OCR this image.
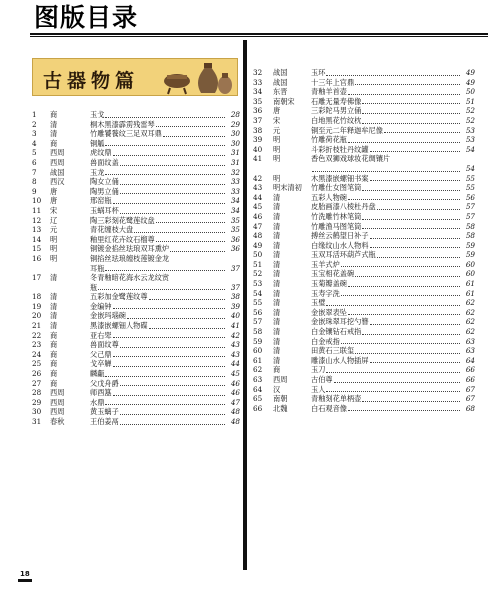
图版目录
古器物篇
1	商	玉戈	28
2	清	桐木黑漆霹雳残雷琴	29
3	清	竹雕饕餮纹三足双耳鼎	30
4	商	铜觚	30
5	西周	虎纹鼎	31
6	西周	兽面纹盖	31
7	战国	玉龙	32
8	西汉	陶女立俑	33
9	唐	陶男立俑	33
10	唐	邢窑瓶	34
11	宋	玉蜗耳杯	34
12	辽	陶三彩刻花鹭莲纹盘	35
13	元	青花缠枝大盘	35
14	明	釉里红花卉纹石榴尊	36
15	明	铜镀金掐丝珐琅双耳熏炉	36
16	明	铜掐丝珐琅缠枝莲镀金龙
耳瓶	37
17	清	冬青釉暗花海水云龙纹赏
瓶	37
18	清	五彩加金鹭莲纹尊	38
19	清	金编钟	39
20	清	金嵌玛瑙碗	40
21	清	黑漆嵌螺钿人物碟	41
22	商	亚右斝	42
23	商	兽面纹尊	43
24	商	父己鼎	43
25	商	戈卒觯	44
26	商	麟甗	45
27	商	父戊舟爵	46
28	西周	师酉簋	46
29	西周	水鼎	47
30	西周	黄玉螭子	48
31	春秋	王伯姜鬲	48
32	战国	玉环	49
33	战国	十三年上官鼎	49
34	东晋	青釉羊首壶	50
35	南朝宋	石雕无量寿佛像	51
36	唐	三彩陀马男立俑	52
37	宋	白地黑花竹纹枕	52
38	元	铜至元二年释迦牟尼像	53
39	明	竹雕荷花瓶	53
40	明	斗彩折枝牡丹纹罐	54
41	明	香色双狮戏球妆花绸镶片
54
42	明	木黑漆嵌螺钿书案	55
43	明末清初	竹雕仕女图笔筒	55
44	清	五彩人物碗	56
45	清	皮胎画漆八棱杜丹盘	57
46	清	竹洗雕竹林笔筒	57
47	清	竹雕渔马图笔筒	58
48	清	搏丝云鹤望日补子	58
49	清	白缘纹山水人物料	59
50	清	玉双耳活环葫芦式瓶	59
51	清	玉羊式炉	60
52	清	玉宝相花盖碗	60
53	清	玉菊瓣盖碗	61
54	清	玉寿字洗	61
55	清	玉璧	62
56	清	金嵌翠表坠	62
57	清	金嵌珠翠耳挖勺簪	62
58	清	白金镶钻石戒指	62
59	清	白金戒指	63
60	清	田黄石三联玺	63
61	清	雕漆山水人物插屏	64
62	商	玉刀	66
63	西周	古伯尊	66
64	汉	玉人	67
65	南朝	青釉刻花单柄壶	67
66	北魏	白石观音像	68
18
